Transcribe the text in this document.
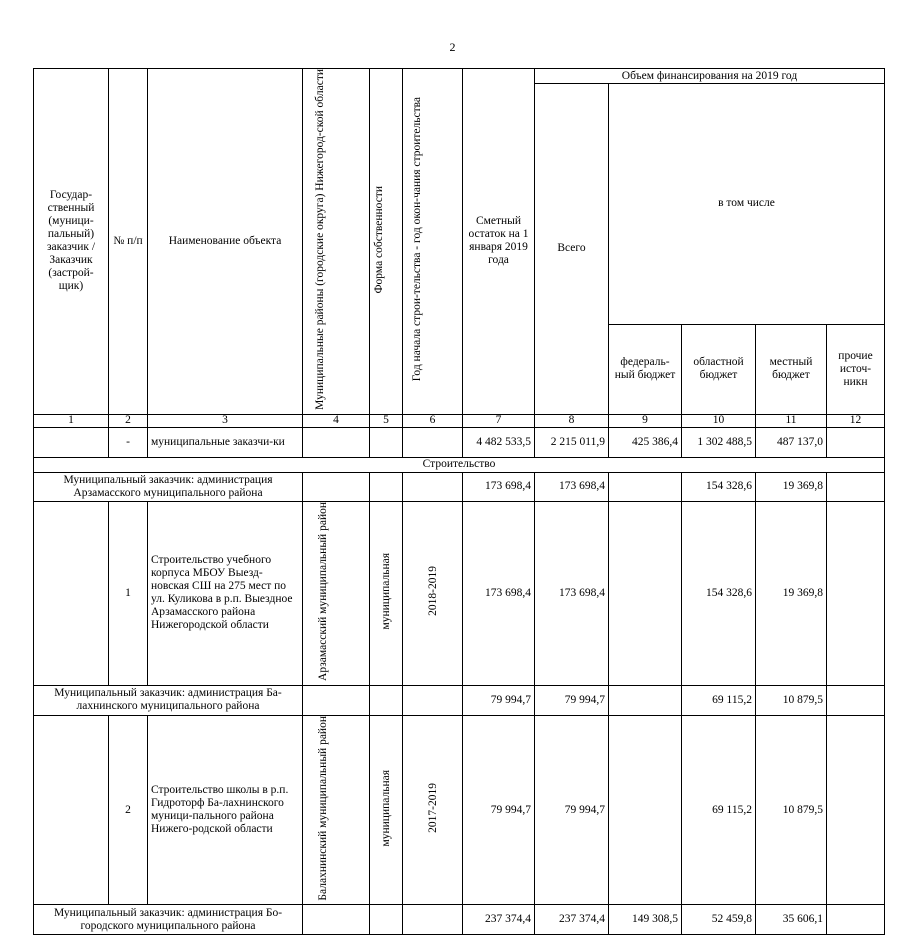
2
Государ-ственный (муници-пальный) заказчик / Заказчик (застрой-щик)	№ п/п	Наименование объекта	Муниципальные районы (городские округа) Нижегород-ской области	Форма собственности	Год начала строи-тельства - год окон-чания строительства	Сметный остаток на 1 января 2019 года	Объем финансирования на 2019 год				
							Всего	в том числе			
								федераль-ный бюджет	областной бюджет	местный бюджет	прочие источ-никн
1	2	3	4	5	6	7	8	9	10	11	12
	-	муниципальные заказчи-ки				4 482 533,5	2 215 011,9	425 386,4	1 302 488,5	487 137,0	
Строительство											
Муниципальный заказчик: администрация Арзамасского муниципального района						173 698,4	173 698,4		154 328,6	19 369,8	
	1	Строительство учебного корпуса МБОУ Выезд-новская СШ на 275 мест по ул. Куликова в р.п. Выездное Арзамасского района Нижегородской области	Арзамасский муниципальный район	муниципальная	2018-2019	173 698,4	173 698,4		154 328,6	19 369,8	
Муниципальный заказчик: администрация Ба-лахнинского муниципального района						79 994,7	79 994,7		69 115,2	10 879,5	
	2	Строительство школы в р.п. Гидроторф Ба-лахнинского муници-пального района Нижего-родской области	Балахнинский муниципальный район	муниципальная	2017-2019	79 994,7	79 994,7		69 115,2	10 879,5	
Муниципальный заказчик: администрация Бо-городского муниципального района						237 374,4	237 374,4	149 308,5	52 459,8	35 606,1	
